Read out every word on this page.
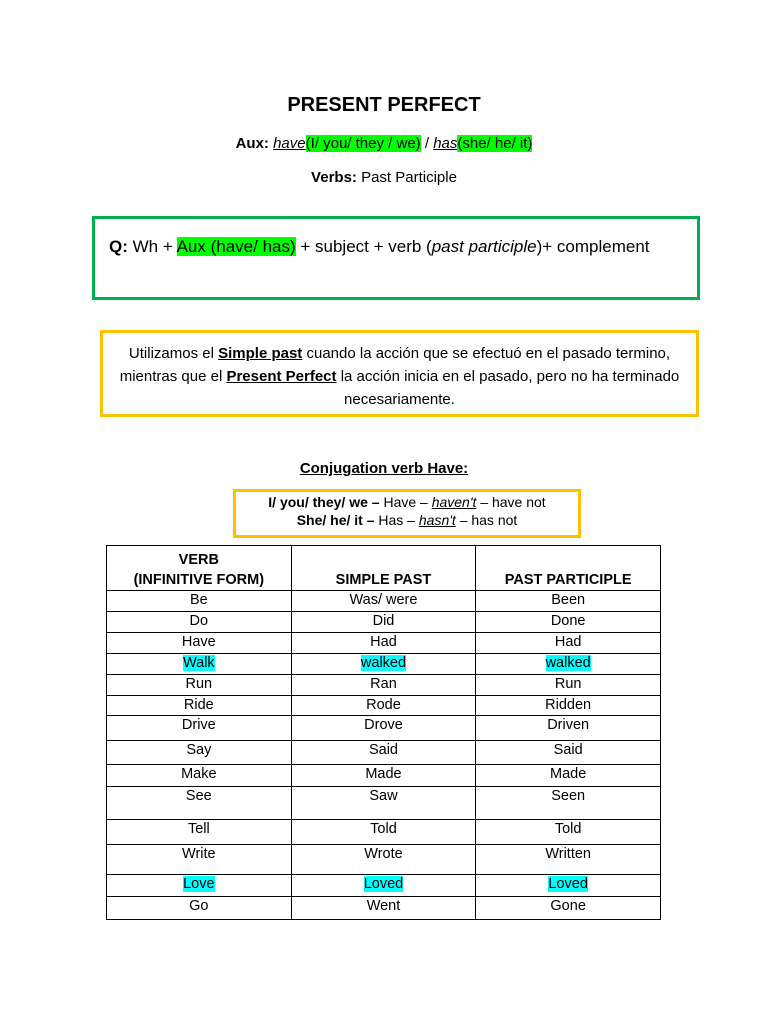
PRESENT PERFECT
Aux: have(I/ you/ they / we) / has(she/ he/ it)
Verbs: Past Participle
Q: Wh + Aux (have/ has) + subject + verb (past participle)+ complement
Utilizamos el Simple past cuando la acción que se efectuó en el pasado termino, mientras que el Present Perfect la acción inicia en el pasado, pero no ha terminado necesariamente.
Conjugation verb Have:
I/ you/ they/ we – Have – haven't – have not
She/ he/ it – Has – hasn't – has not
VERB
(INFINITIVE FORM)	SIMPLE PAST	PAST PARTICIPLE
Be	Was/ were	Been
Do	Did	Done
Have	Had	Had
Walk	walked	walked
Run	Ran	Run
Ride	Rode	Ridden
Drive	Drove	Driven
Say	Said	Said
Make	Made	Made
See	Saw	Seen
Tell	Told	Told
Write	Wrote	Written
Love	Loved	Loved
Go	Went	Gone
